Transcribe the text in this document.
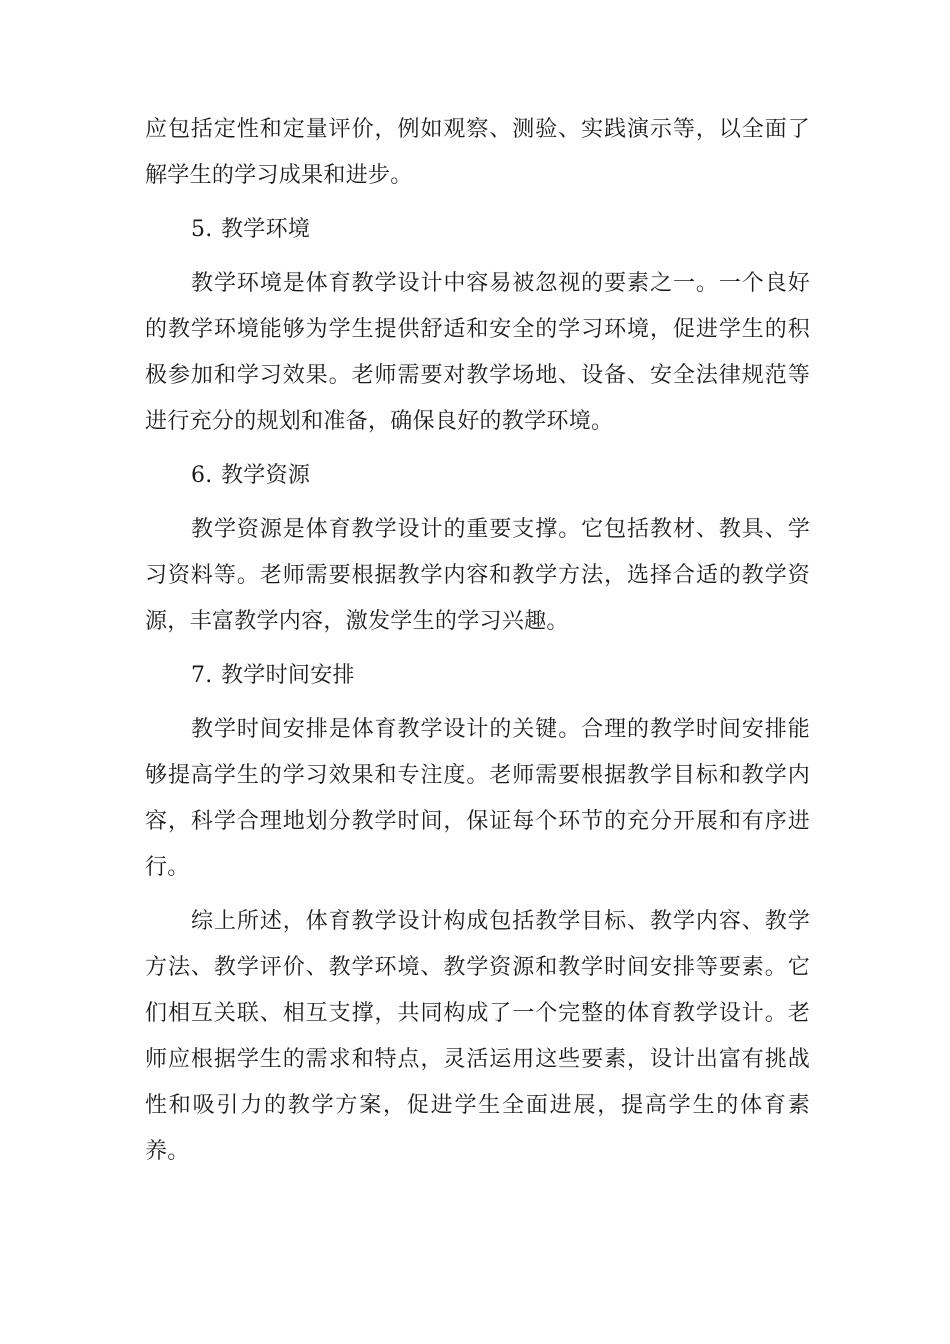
应包括定性和定量评价，例如观察、测验、实践演示等，以全面了解学生的学习成果和进步。

5. 教学环境

教学环境是体育教学设计中容易被忽视的要素之一。一个良好的教学环境能够为学生提供舒适和安全的学习环境，促进学生的积极参加和学习效果。老师需要对教学场地、设备、安全法律规范等进行充分的规划和准备，确保良好的教学环境。

6. 教学资源

教学资源是体育教学设计的重要支撑。它包括教材、教具、学习资料等。老师需要根据教学内容和教学方法，选择合适的教学资源，丰富教学内容，激发学生的学习兴趣。

7. 教学时间安排

教学时间安排是体育教学设计的关键。合理的教学时间安排能够提高学生的学习效果和专注度。老师需要根据教学目标和教学内容，科学合理地划分教学时间，保证每个环节的充分开展和有序进行。

综上所述，体育教学设计构成包括教学目标、教学内容、教学方法、教学评价、教学环境、教学资源和教学时间安排等要素。它们相互关联、相互支撑，共同构成了一个完整的体育教学设计。老师应根据学生的需求和特点，灵活运用这些要素，设计出富有挑战性和吸引力的教学方案，促进学生全面进展，提高学生的体育素养。
